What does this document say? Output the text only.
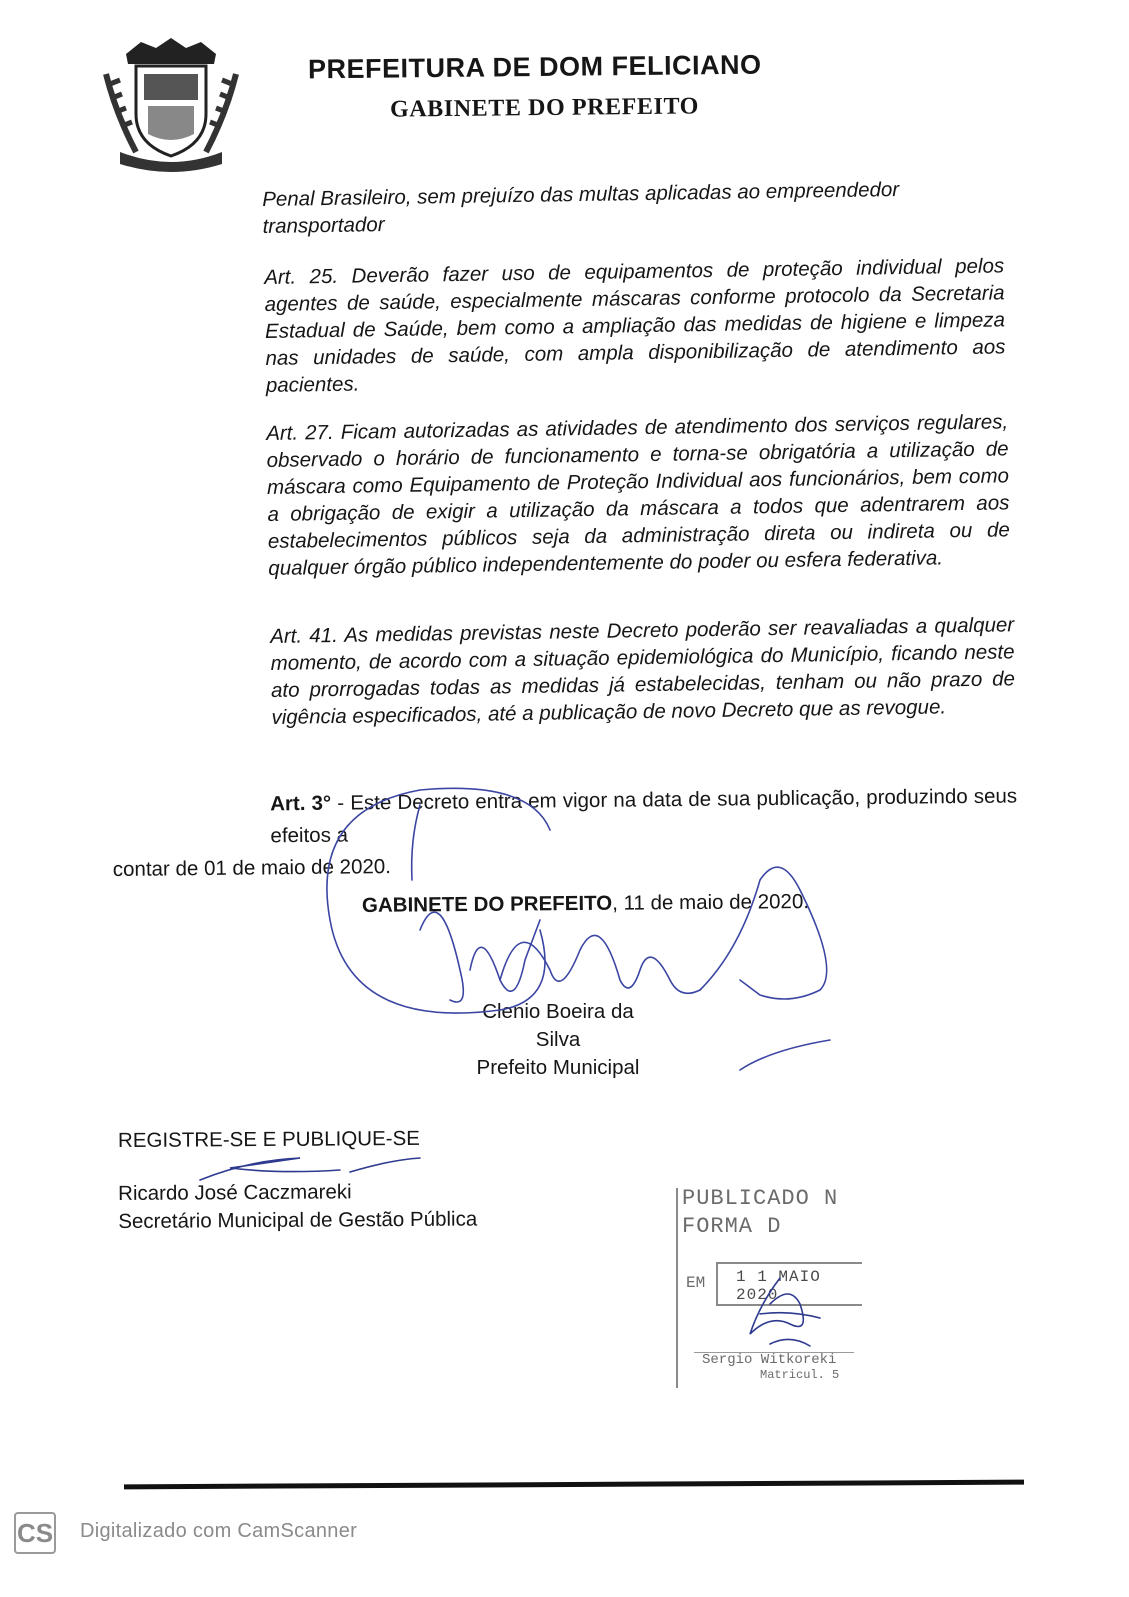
PREFEITURA DE DOM FELICIANO
GABINETE DO PREFEITO
Penal Brasileiro, sem prejuízo das multas aplicadas ao empreendedor transportador
Art. 25. Deverão fazer uso de equipamentos de proteção individual pelos agentes de saúde, especialmente máscaras conforme protocolo da Secretaria Estadual de Saúde, bem como a ampliação das medidas de higiene e limpeza nas unidades de saúde, com ampla disponibilização de atendimento aos pacientes.
Art. 27. Ficam autorizadas as atividades de atendimento dos serviços regulares, observado o horário de funcionamento e torna-se obrigatória a utilização de máscara como Equipamento de Proteção Individual aos funcionários, bem como a obrigação de exigir a utilização da máscara a todos que adentrarem aos estabelecimentos públicos seja da administração direta ou indireta ou de qualquer órgão público independentemente do poder ou esfera federativa.
Art. 41. As medidas previstas neste Decreto poderão ser reavaliadas a qualquer momento, de acordo com a situação epidemiológica do Município, ficando neste ato prorrogadas todas as medidas já estabelecidas, tenham ou não prazo de vigência especificados, até a publicação de novo Decreto que as revogue.
Art. 3° - Este Decreto entra em vigor na data de sua publicação, produzindo seus efeitos a
contar de 01 de maio de 2020.
GABINETE DO PREFEITO, 11 de maio de 2020.
Clenio Boeira da Silva
Prefeito Municipal
REGISTRE-SE E PUBLIQUE-SE
Ricardo José Caczmareki
Secretário Municipal de Gestão Pública
PUBLICADO N
FORMA D
EM 1 1 MAIO 2020
Sergio Witkoreki
Matricul. 5
CS Digitalizado com CamScanner
